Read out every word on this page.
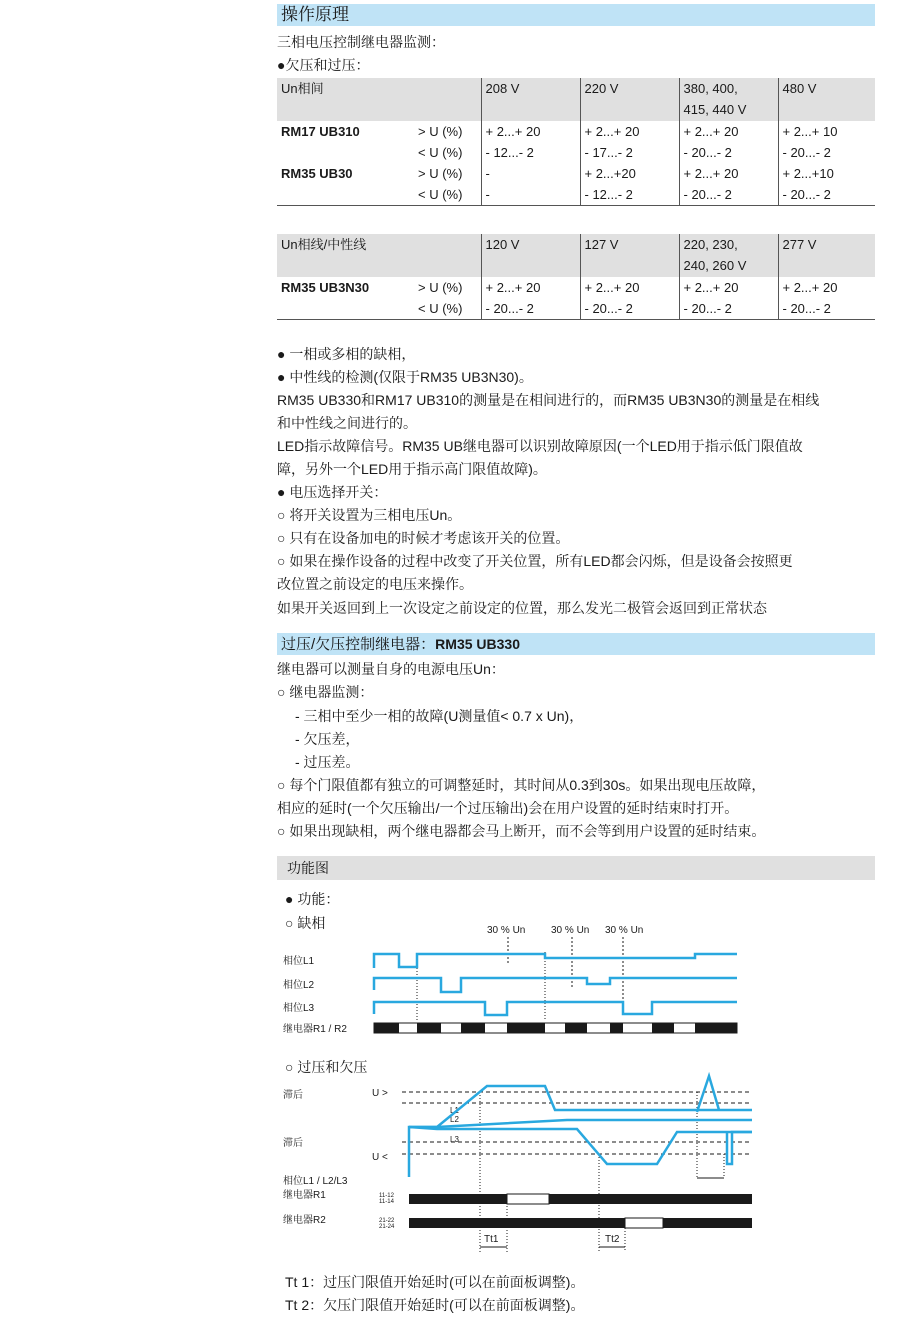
操作原理
三相电压控制继电器监测：
●欠压和过压：
Un相间		208 V	220 V	380, 400,
415, 440 V	480 V
RM17 UB310	> U (%)	+ 2...+ 20	+ 2...+ 20	+ 2...+ 20	+ 2...+ 10
	< U (%)	- 12...- 2	- 17...- 2	- 20...- 2	- 20...- 2
RM35 UB30	> U (%)	-	+ 2...+20	+ 2...+ 20	+ 2...+10
	< U (%)	-	- 12...- 2	- 20...- 2	- 20...- 2
Un相线/中性线		120 V	127 V	220, 230,
240, 260 V	277 V
RM35 UB3N30	> U (%)	+ 2...+ 20	+ 2...+ 20	+ 2...+ 20	+ 2...+ 20
	< U (%)	- 20...- 2	- 20...- 2	- 20...- 2	- 20...- 2
● 一相或多相的缺相，
● 中性线的检测(仅限于RM35 UB3N30)。
RM35 UB330和RM17 UB310的测量是在相间进行的，而RM35 UB3N30的测量是在相线
和中性线之间进行的。
LED指示故障信号。RM35 UB继电器可以识别故障原因(一个LED用于指示低门限值故
障，另外一个LED用于指示高门限值故障)。
● 电压选择开关：
○ 将开关设置为三相电压Un。
○ 只有在设备加电的时候才考虑该开关的位置。
○ 如果在操作设备的过程中改变了开关位置，所有LED都会闪烁，但是设备会按照更
改位置之前设定的电压来操作。
如果开关返回到上一次设定之前设定的位置，那么发光二极管会返回到正常状态
过压/欠压控制继电器：RM35 UB330
继电器可以测量自身的电源电压Un：
○ 继电器监测：
- 三相中至少一相的故障(U测量值< 0.7 x Un)，
- 欠压差，
- 过压差。
○ 每个门限值都有独立的可调整延时，其时间从0.3到30s。如果出现电压故障，
相应的延时(一个欠压输出/一个过压输出)会在用户设置的延时结束时打开。
○ 如果出现缺相，两个继电器都会马上断开，而不会等到用户设置的延时结束。
功能图
● 功能：
○ 缺相	30 % Un	30 % Un 30 % Un
相位L1
相位L2
相位L3
继电器R1 / R2
○ 过压和欠压
滞后
滞后
U >
U <
相位L1 / L2/L3
继电器R1
继电器R2
L1
L2
L3
11-12
11-14
21-22
21-24
Tt1	Tt2
Tt 1：过压门限值开始延时(可以在前面板调整)。
Tt 2：欠压门限值开始延时(可以在前面板调整)。
